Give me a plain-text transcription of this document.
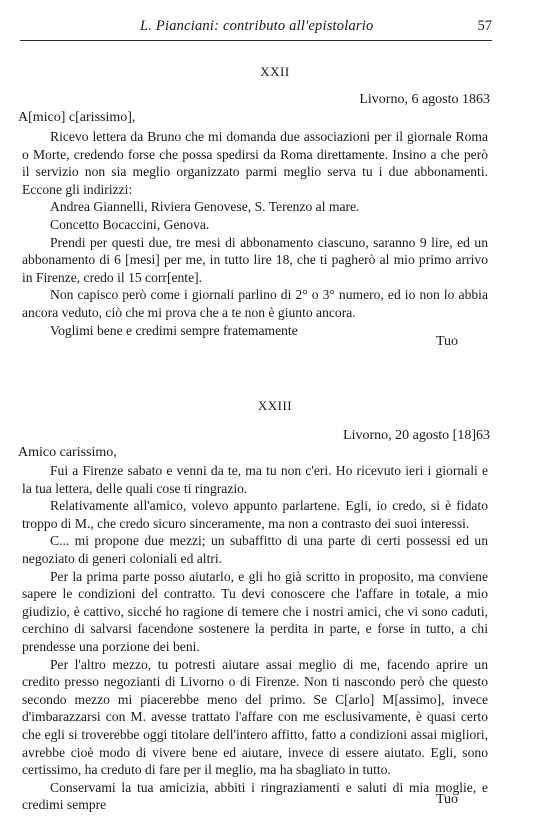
L. Pianciani: contributo all'epistolario	57
XXII
Livorno, 6 agosto 1863
A[mico] c[arissimo],

Ricevo lettera da Bruno che mi domanda due associazioni per il giornale Roma o Morte, credendo forse che possa spedirsi da Roma direttamente. Insino a che però il servizio non sia meglio organizzato parmi meglio serva tu i due abbonamenti. Eccone gli indirizzi:

Andrea Giannelli, Riviera Genovese, S. Terenzo al mare.

Concetto Bocaccini, Genova.

Prendi per questi due, tre mesi di abbonamento ciascuno, saranno 9 lire, ed un abbonamento di 6 [mesi] per me, in tutto lire 18, che ti pagherò al mio primo arrivo in Firenze, credo il 15 corr[ente].

Non capisco però come i giornali parlino di 2° o 3° numero, ed io non lo abbia ancora veduto, ciò che mi prova che a te non è giunto ancora.

Voglimi bene e credimi sempre fratemamente

Tuo
XXIII
Livorno, 20 agosto [18]63
Amico carissimo,

Fui a Firenze sabato e venni da te, ma tu non c'eri. Ho ricevuto ieri i giornali e la tua lettera, delle quali cose ti ringrazio.

Relativamente all'amico, volevo appunto parlartene. Egli, io credo, si è fidato troppo di M., che credo sicuro sinceramente, ma non a contrasto dei suoi interessi.

C... mi propone due mezzi; un subaffitto di una parte di certi possessi ed un negoziato di generi coloniali ed altri.

Per la prima parte posso aiutarlo, e gli ho già scritto in proposito, ma conviene sapere le condizioni del contratto. Tu devi conoscere che l'affare in totale, a mio giudizio, è cattivo, sicché ho ragione di temere che i nostri amici, che vi sono caduti, cerchino di salvarsi facendone sostenere la perdita in parte, e forse in tutto, a chi prendesse una porzione dei beni.

Per l'altro mezzo, tu potresti aiutare assai meglio di me, facendo aprire un credito presso negozianti di Livorno o di Firenze. Non ti nascondo però che questo secondo mezzo mi piacerebbe meno del primo. Se C[arlo] M[assimo], invece d'imbarazzarsi con M. avesse trattato l'affare con me esclusivamente, è quasi certo che egli si troverebbe oggi titolare dell'intero affitto, fatto a condizioni assai migliori, avrebbe cioè modo di vivere bene ed aiutare, invece di essere aiutato. Egli, sono certissimo, ha creduto di fare per il meglio, ma ha sbagliato in tutto.

Conservami la tua amicizia, abbiti i ringraziamenti e saluti di mia moglie, e credimi sempre	Tuo
